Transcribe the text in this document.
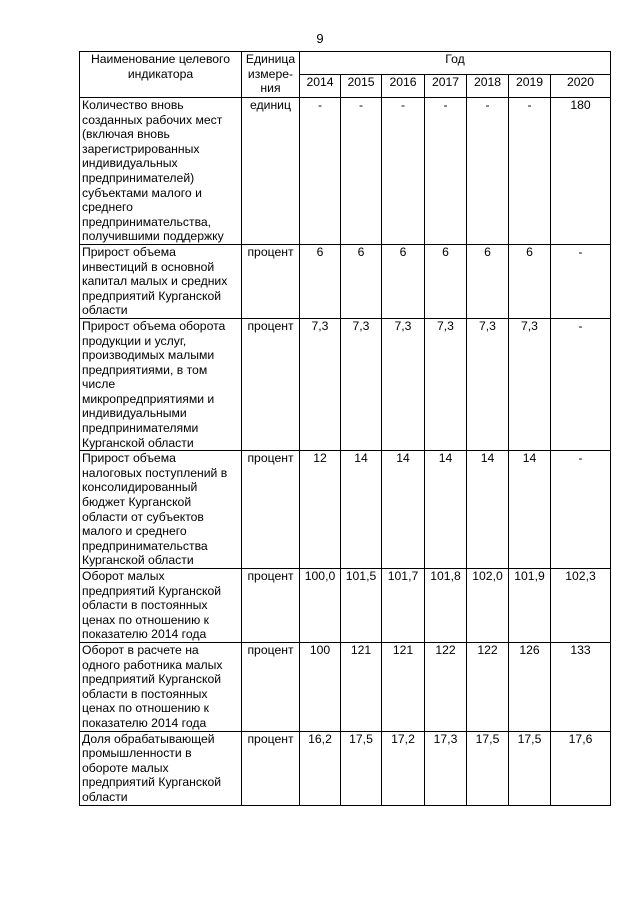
9
Наименование целевого индикатора	Единица измере-ния	Год						
		2014	2015	2016	2017	2018	2019	2020
Количество вновь созданных рабочих мест (включая вновь зарегистрированных индивидуальных предпринимателей) субъектами малого и среднего предпринимательства, получившими поддержку	единиц	-	-	-	-	-	-	180
Прирост объема инвестиций в основной капитал малых и средних предприятий Курганской области	процент	6	6	6	6	6	6	-
Прирост объема оборота продукции и услуг, производимых малыми предприятиями, в том числе микропредприятиями и индивидуальными предпринимателями Курганской области	процент	7,3	7,3	7,3	7,3	7,3	7,3	-
Прирост объема налоговых поступлений в консолидированный бюджет Курганской области от субъектов малого и среднего предпринимательства Курганской области	процент	12	14	14	14	14	14	-
Оборот малых предприятий Курганской области в постоянных ценах по отношению к показателю 2014 года	процент	100,0	101,5	101,7	101,8	102,0	101,9	102,3
Оборот в расчете на одного работника малых предприятий Курганской области в постоянных ценах по отношению к показателю 2014 года	процент	100	121	121	122	122	126	133
Доля обрабатывающей промышленности в обороте малых предприятий Курганской области	процент	16,2	17,5	17,2	17,3	17,5	17,5	17,6
